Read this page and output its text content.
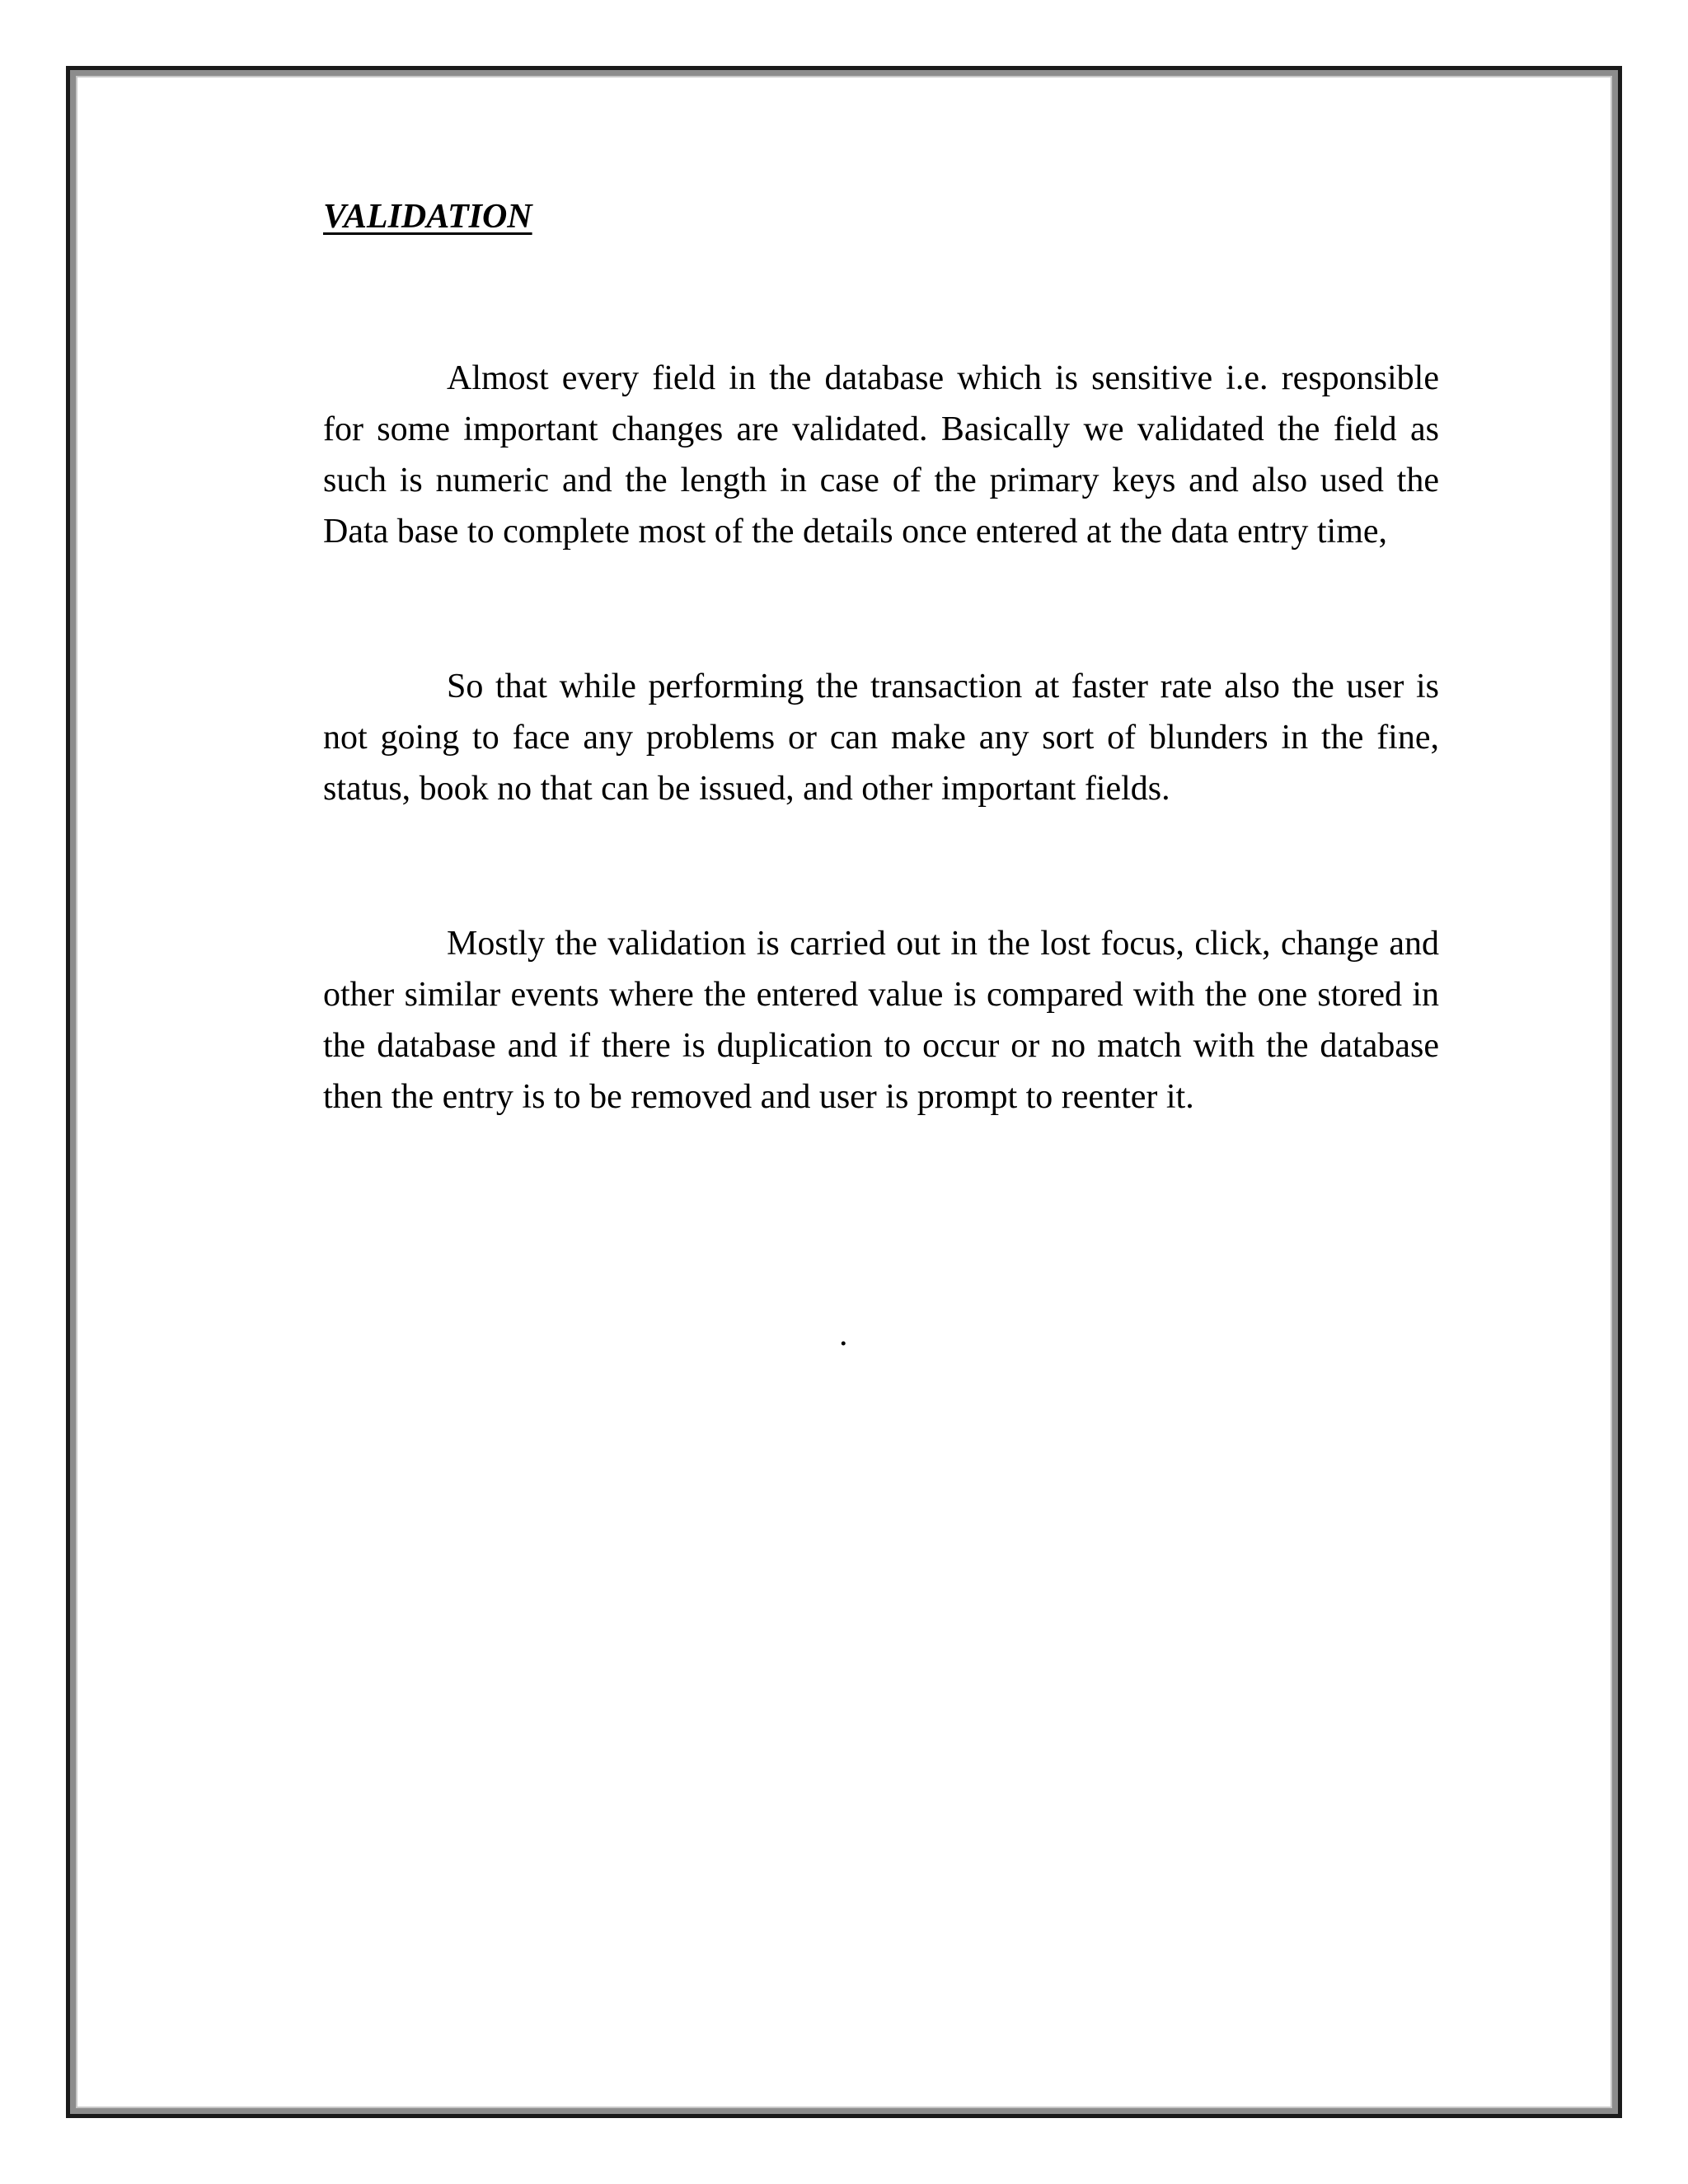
VALIDATION

Almost every field in the database which is sensitive i.e. responsible for some important changes are validated. Basically we validated the field as such is numeric and the length in case of the primary keys and also used the Data base to complete most of the details once entered at the data entry time,

So that while performing the transaction at faster rate also the user is not going to face any problems or can make any sort of blunders in the fine, status, book no that can be issued, and other important fields.

Mostly the validation is carried out in the lost focus, click, change and other similar events where the entered value is compared with the one stored in the database and if there is duplication to occur or no match with the database then the entry is to be removed and user is prompt to reenter it.

.
